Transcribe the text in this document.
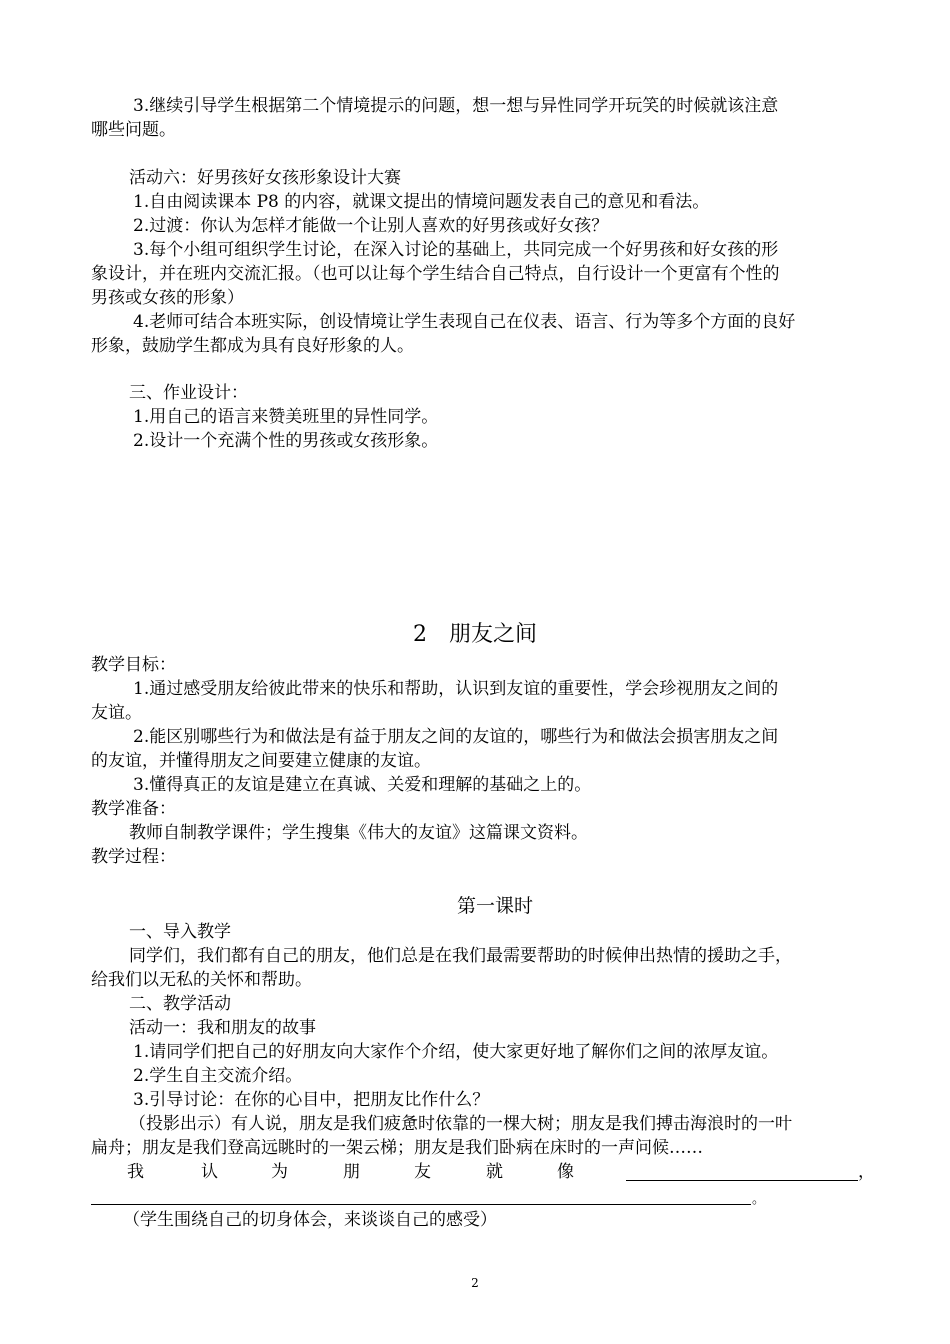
3.继续引导学生根据第二个情境提示的问题，想一想与异性同学开玩笑的时候就该注意
哪些问题。
活动六：好男孩好女孩形象设计大赛
1.自由阅读课本 P8 的内容，就课文提出的情境问题发表自己的意见和看法。
2.过渡：你认为怎样才能做一个让别人喜欢的好男孩或好女孩？
3.每个小组可组织学生讨论，在深入讨论的基础上，共同完成一个好男孩和好女孩的形
象设计，并在班内交流汇报。（也可以让每个学生结合自己特点，自行设计一个更富有个性的
男孩或女孩的形象）
4.老师可结合本班实际，创设情境让学生表现自己在仪表、语言、行为等多个方面的良好
形象，鼓励学生都成为具有良好形象的人。
三、作业设计：
1.用自己的语言来赞美班里的异性同学。
2.设计一个充满个性的男孩或女孩形象。
2　朋友之间
教学目标：
1.通过感受朋友给彼此带来的快乐和帮助，认识到友谊的重要性，学会珍视朋友之间的
友谊。
2.能区别哪些行为和做法是有益于朋友之间的友谊的，哪些行为和做法会损害朋友之间
的友谊，并懂得朋友之间要建立健康的友谊。
3.懂得真正的友谊是建立在真诚、关爱和理解的基础之上的。
教学准备：
教师自制教学课件；学生搜集《伟大的友谊》这篇课文资料。
教学过程：
第一课时
一、导入教学
同学们，我们都有自己的朋友，他们总是在我们最需要帮助的时候伸出热情的援助之手，
给我们以无私的关怀和帮助。
二、教学活动
活动一：我和朋友的故事
1.请同学们把自己的好朋友向大家作个介绍，使大家更好地了解你们之间的浓厚友谊。
2.学生自主交流介绍。
3.引导讨论：在你的心目中，把朋友比作什么？
（投影出示）有人说，朋友是我们疲惫时依靠的一棵大树；朋友是我们搏击海浪时的一叶
扁舟；朋友是我们登高远眺时的一架云梯；朋友是我们卧病在床时的一声问候……
我	认	为	朋	友	就	像	，
。
（学生围绕自己的切身体会，来谈谈自己的感受）
2
